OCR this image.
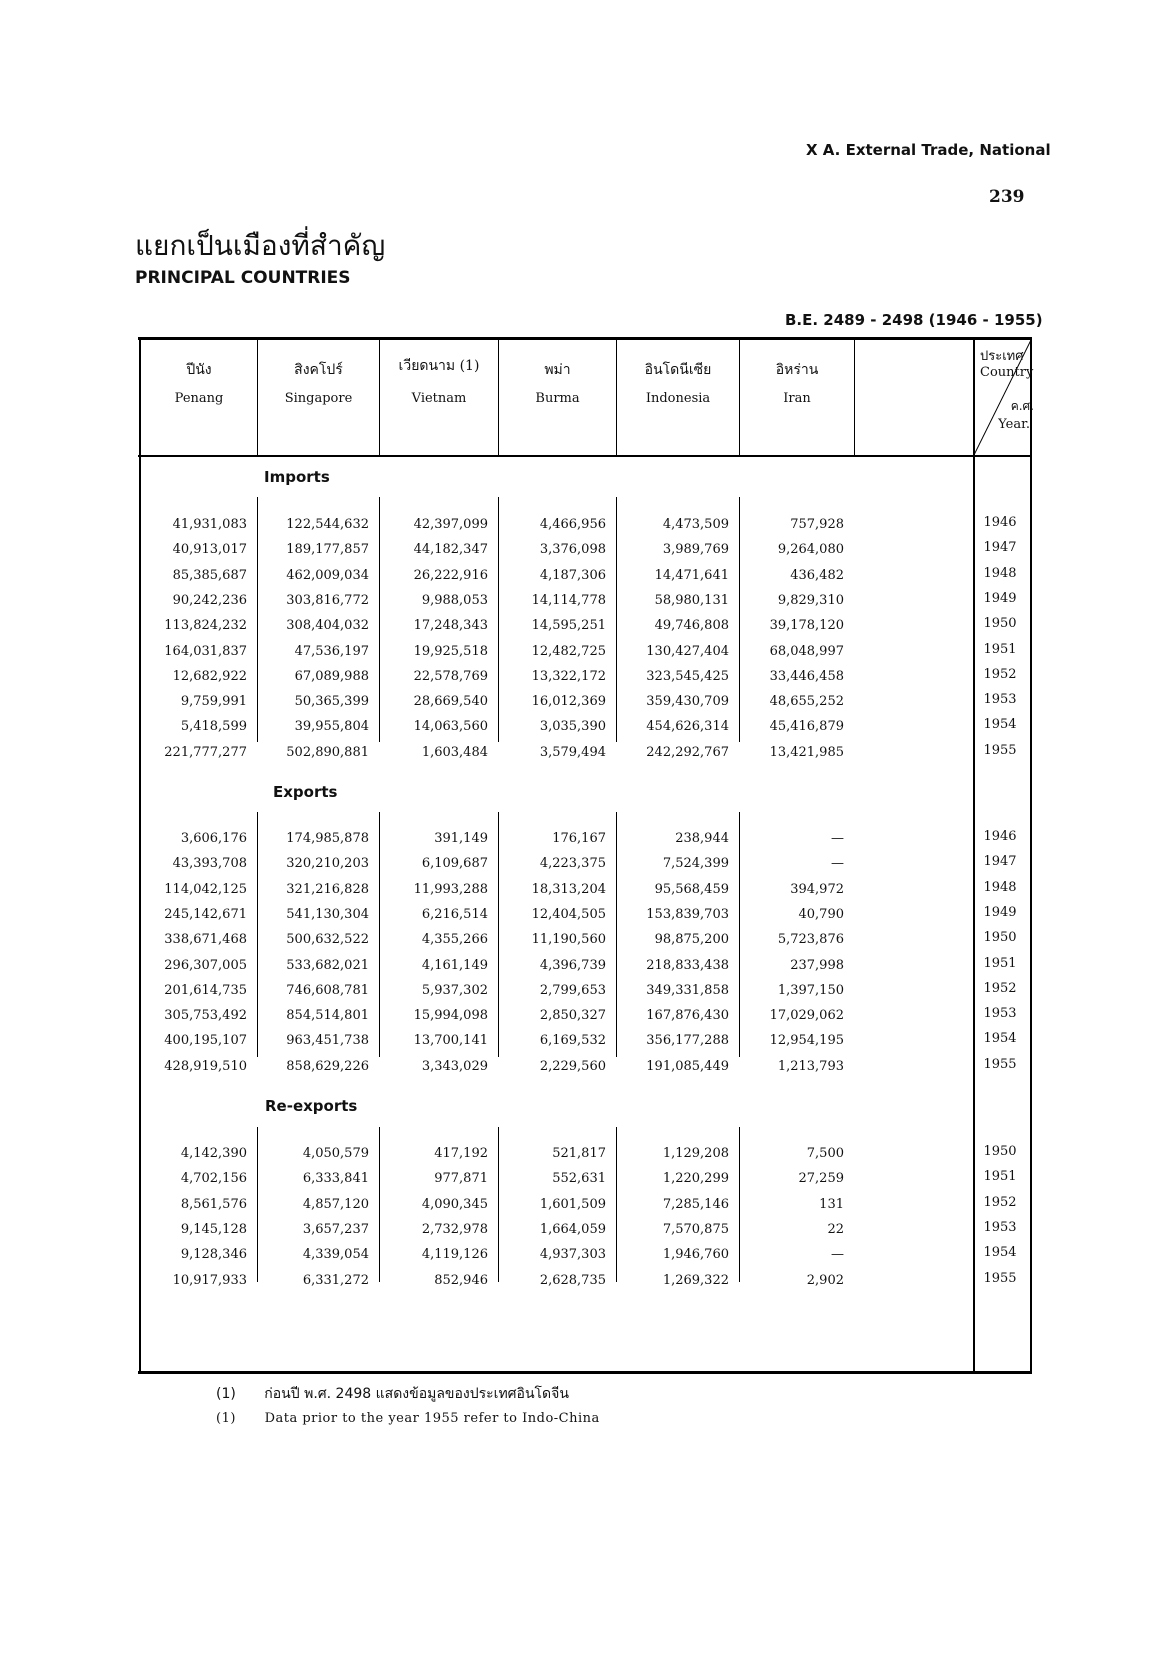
X A. External Trade, National
239
แยกเป็นเมืองที่สำคัญ
PRINCIPAL COUNTRIES
B.E. 2489 - 2498 (1946 - 1955)
ปีนัง
Penang
สิงคโปร์
Singapore
เวียดนาม (1)
Vietnam
พม่า
Burma
อินโดนีเซีย
Indonesia
อิหร่าน
Iran
ประเทศ
Country
ค.ศ.
Year.
Imports
Exports
Re-exports
41,931,083	122,544,632	42,397,099	4,466,956	4,473,509	757,928	1946
40,913,017	189,177,857	44,182,347	3,376,098	3,989,769	9,264,080	1947
85,385,687	462,009,034	26,222,916	4,187,306	14,471,641	436,482	1948
90,242,236	303,816,772	9,988,053	14,114,778	58,980,131	9,829,310	1949
113,824,232	308,404,032	17,248,343	14,595,251	49,746,808	39,178,120	1950
164,031,837	47,536,197	19,925,518	12,482,725	130,427,404	68,048,997	1951
12,682,922	67,089,988	22,578,769	13,322,172	323,545,425	33,446,458	1952
9,759,991	50,365,399	28,669,540	16,012,369	359,430,709	48,655,252	1953
5,418,599	39,955,804	14,063,560	3,035,390	454,626,314	45,416,879	1954
221,777,277	502,890,881	1,603,484	3,579,494	242,292,767	13,421,985	1955
3,606,176	174,985,878	391,149	176,167	238,944	—	1946
43,393,708	320,210,203	6,109,687	4,223,375	7,524,399	—	1947
114,042,125	321,216,828	11,993,288	18,313,204	95,568,459	394,972	1948
245,142,671	541,130,304	6,216,514	12,404,505	153,839,703	40,790	1949
338,671,468	500,632,522	4,355,266	11,190,560	98,875,200	5,723,876	1950
296,307,005	533,682,021	4,161,149	4,396,739	218,833,438	237,998	1951
201,614,735	746,608,781	5,937,302	2,799,653	349,331,858	1,397,150	1952
305,753,492	854,514,801	15,994,098	2,850,327	167,876,430	17,029,062	1953
400,195,107	963,451,738	13,700,141	6,169,532	356,177,288	12,954,195	1954
428,919,510	858,629,226	3,343,029	2,229,560	191,085,449	1,213,793	1955
4,142,390	4,050,579	417,192	521,817	1,129,208	7,500	1950
4,702,156	6,333,841	977,871	552,631	1,220,299	27,259	1951
8,561,576	4,857,120	4,090,345	1,601,509	7,285,146	131	1952
9,145,128	3,657,237	2,732,978	1,664,059	7,570,875	22	1953
9,128,346	4,339,054	4,119,126	4,937,303	1,946,760	—	1954
10,917,933	6,331,272	852,946	2,628,735	1,269,322	2,902	1955
(1) ก่อนปี พ.ศ. 2498 แสดงข้อมูลของประเทศอินโดจีน
(1) Data prior to the year 1955 refer to Indo-China
